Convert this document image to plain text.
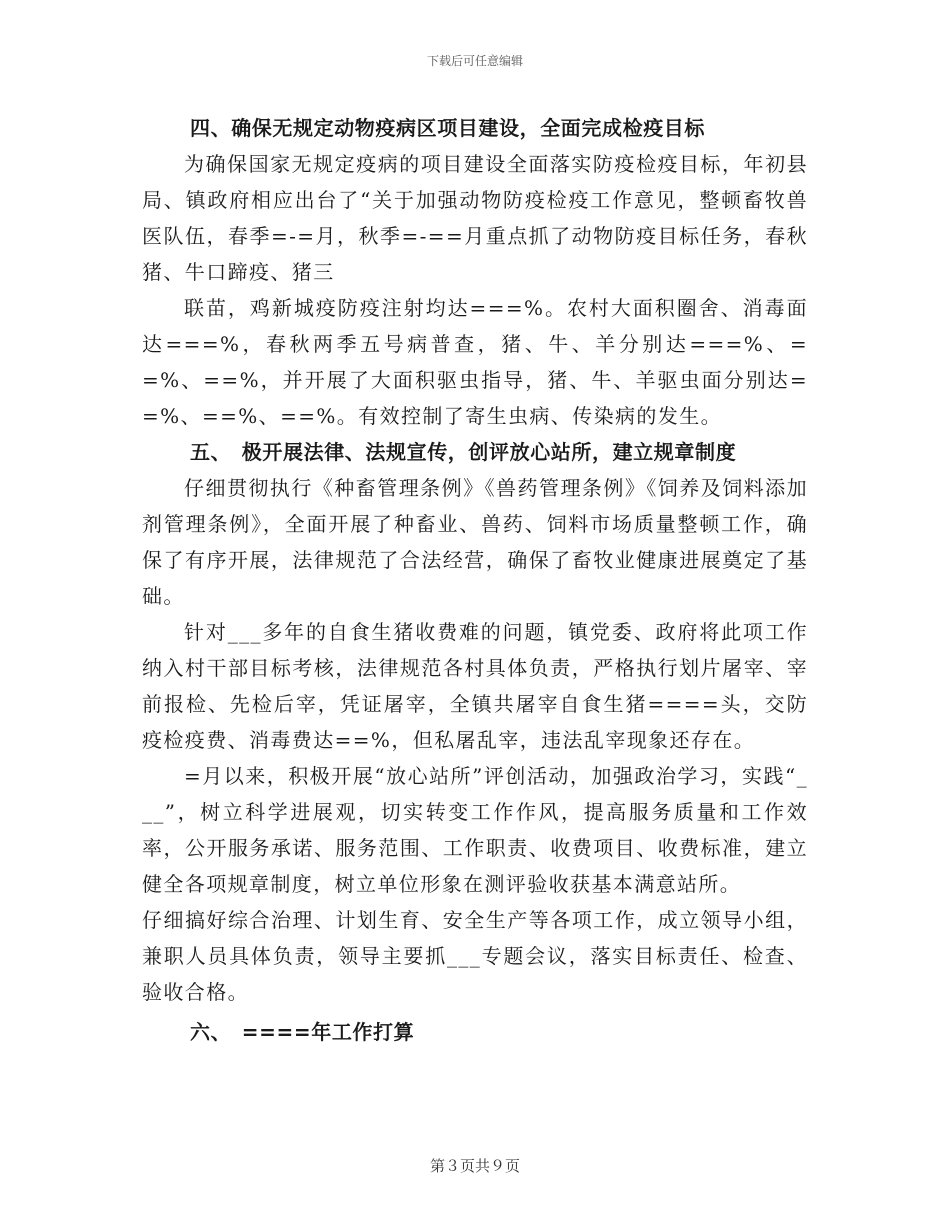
下载后可任意编辑

四、确保无规定动物疫病区项目建设，全面完成检疫目标

为确保国家无规定疫病的项目建设全面落实防疫检疫目标，年初县局、镇政府相应出台了“关于加强动物防疫检疫工作意见，整顿畜牧兽医队伍，春季=-=月，秋季=-==月重点抓了动物防疫目标任务，春秋猪、牛口蹄疫、猪三

联苗，鸡新城疫防疫注射均达===%。农村大面积圈舍、消毒面达===%，春秋两季五号病普查，猪、牛、羊分别达===%、==%、==%，并开展了大面积驱虫指导，猪、牛、羊驱虫面分别达==%、==%、==%。有效控制了寄生虫病、传染病的发生。

五、　极开展法律、法规宣传，创评放心站所，建立规章制度

仔细贯彻执行《种畜管理条例》《兽药管理条例》《饲养及饲料添加剂管理条例》，全面开展了种畜业、兽药、饲料市场质量整顿工作，确保了有序开展，法律规范了合法经营，确保了畜牧业健康进展奠定了基础。

针对___多年的自食生猪收费难的问题，镇党委、政府将此项工作纳入村干部目标考核，法律规范各村具体负责，严格执行划片屠宰、宰前报检、先检后宰，凭证屠宰，全镇共屠宰自食生猪====头，交防疫检疫费、消毒费达==%，但私屠乱宰，违法乱宰现象还存在。

=月以来，积极开展“放心站所”评创活动，加强政治学习，实践“___”，树立科学进展观，切实转变工作作风，提高服务质量和工作效率，公开服务承诺、服务范围、工作职责、收费项目、收费标准，建立健全各项规章制度，树立单位形象在测评验收获基本满意站所。

仔细搞好综合治理、计划生育、安全生产等各项工作，成立领导小组，兼职人员具体负责，领导主要抓___专题会议，落实目标责任、检查、验收合格。

六、　====年工作打算

第３页共９页
